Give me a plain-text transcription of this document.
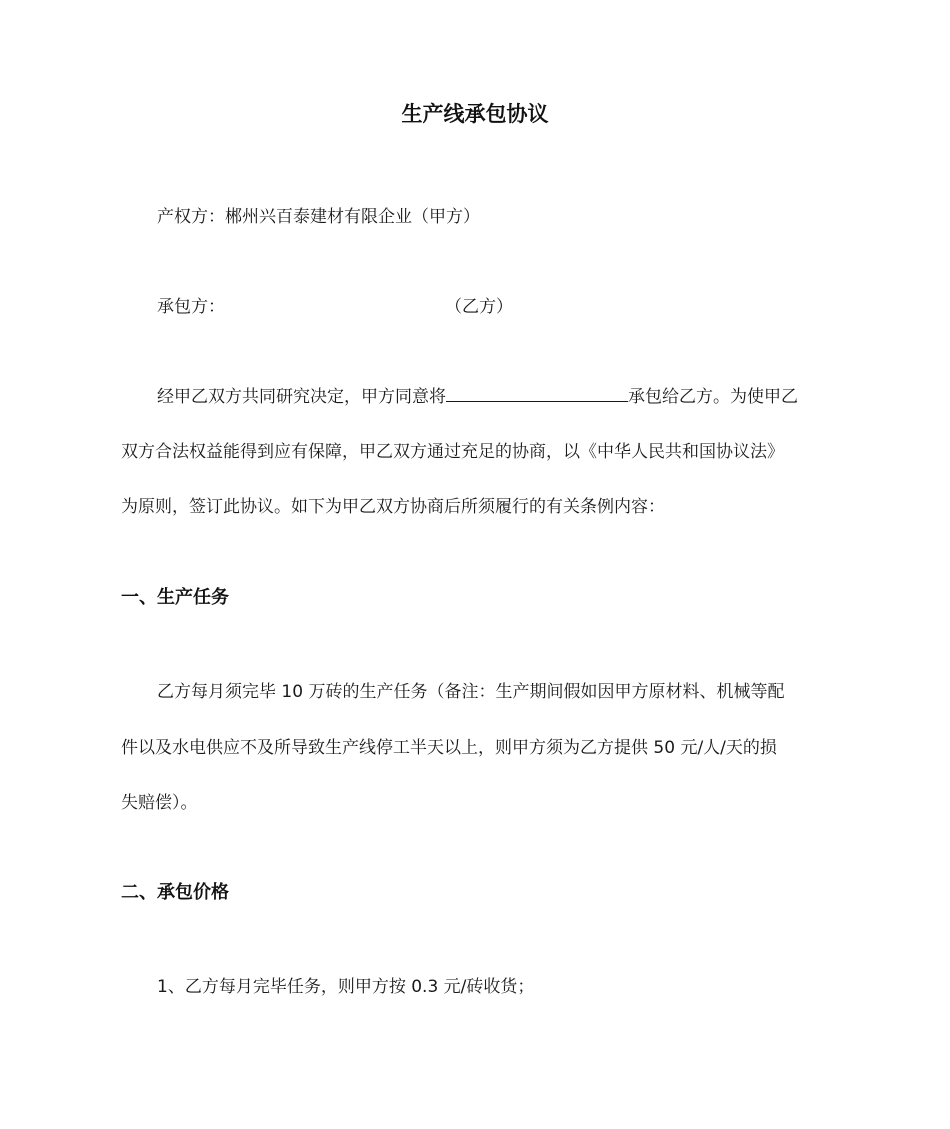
生产线承包协议
产权方：郴州兴百泰建材有限企业（甲方）
承包方：	（乙方）
经甲乙双方共同研究决定，甲方同意将	承包给乙方。为使甲乙
双方合法权益能得到应有保障，甲乙双方通过充足的协商，以《中华人民共和国协议法》
为原则，签订此协议。如下为甲乙双方协商后所须履行的有关条例内容：
一、生产任务
乙方每月须完毕 10 万砖的生产任务（备注：生产期间假如因甲方原材料、机械等配
件以及水电供应不及所导致生产线停工半天以上，则甲方须为乙方提供 50 元/人/天的损
失赔偿）。
二、承包价格
1、乙方每月完毕任务，则甲方按 0.3 元/砖收货；
